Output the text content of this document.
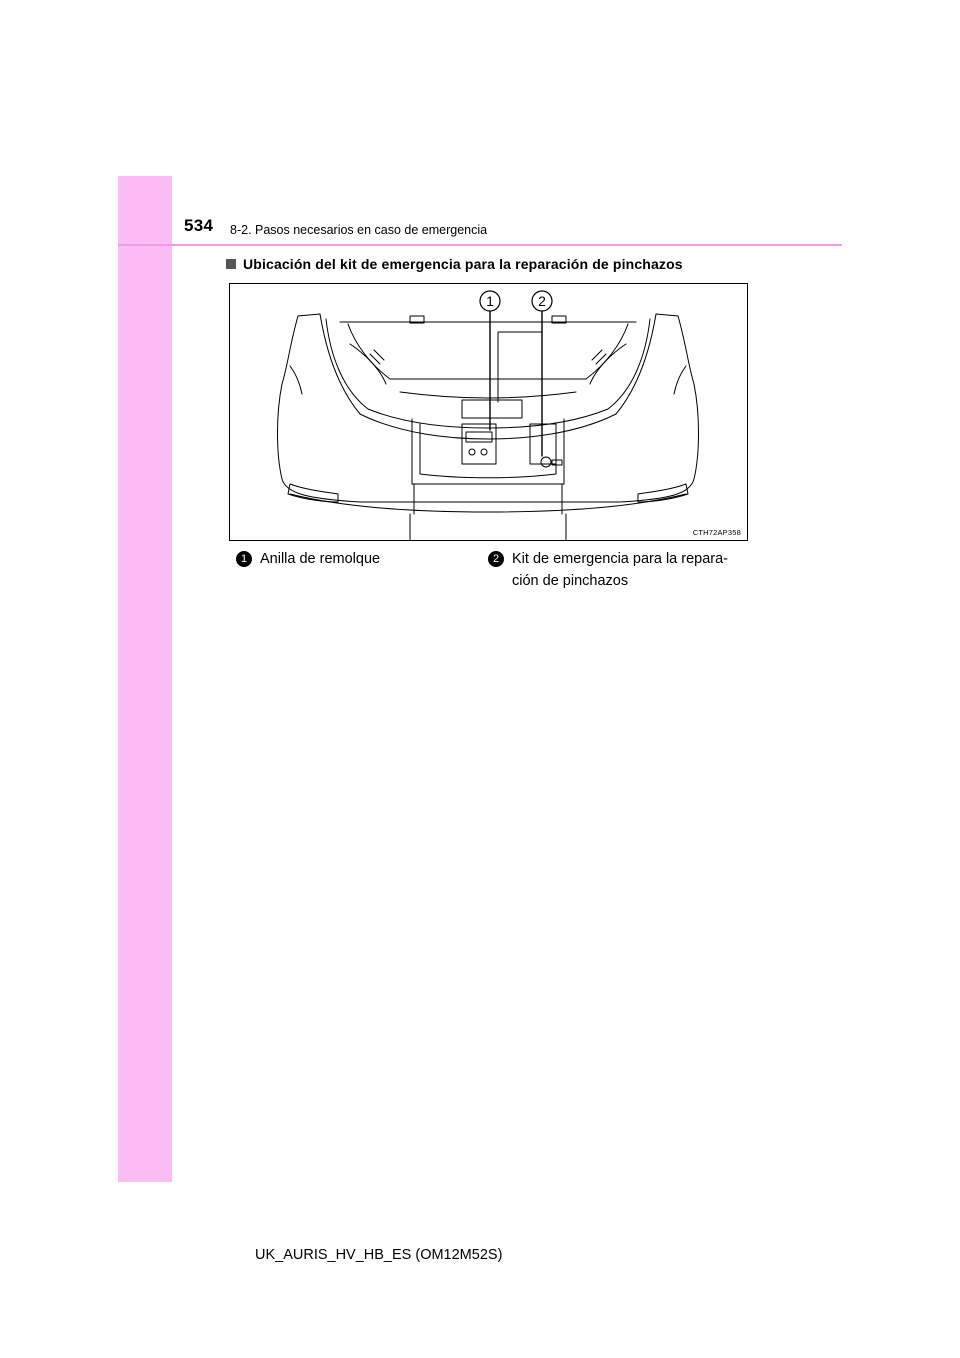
534 8-2. Pasos necesarios en caso de emergencia
Ubicación del kit de emergencia para la reparación de pinchazos
1	2
CTH72AP358
1 Anilla de remolque	2 Kit de emergencia para la repara-ción de pinchazos
UK_AURIS_HV_HB_ES (OM12M52S)
